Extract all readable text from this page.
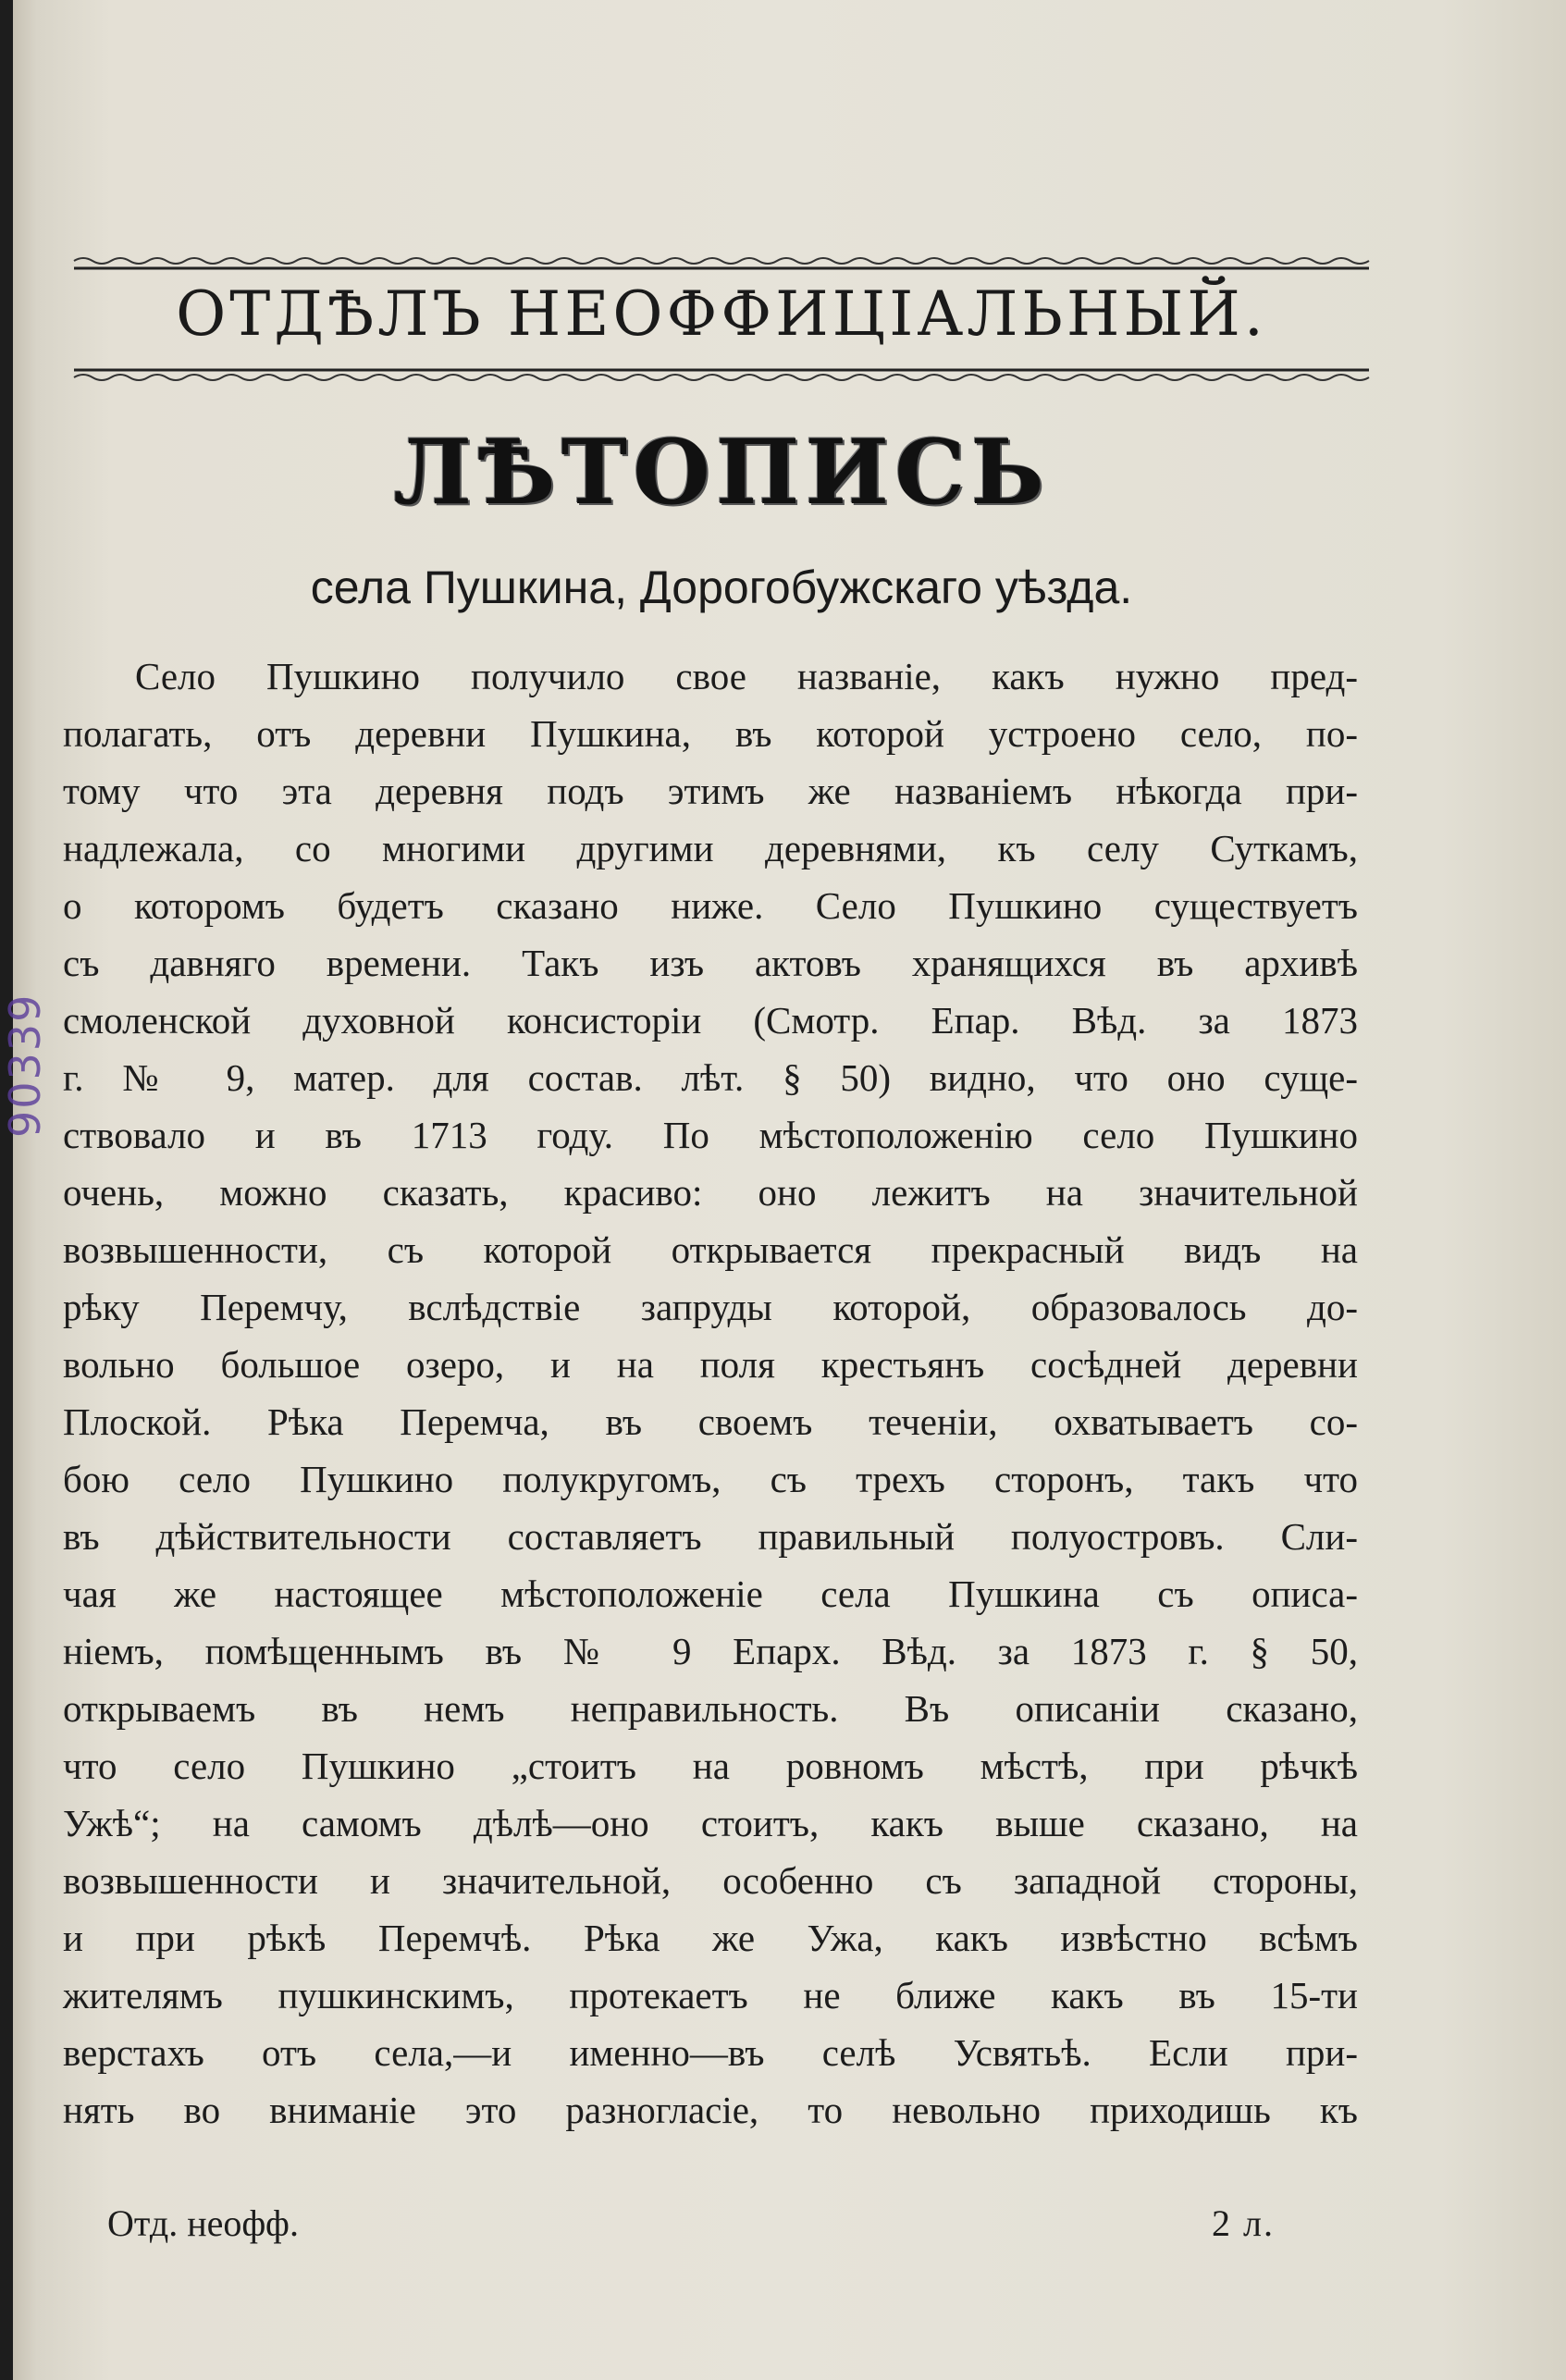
90339
ОТДѢЛЪ НЕОФФИЦІАЛЬНЫЙ.
ЛѢТОПИСЬ
села Пушкина, Дорогобужскаго уѣзда.
Село Пушкино получило свое названіе, какъ нужно пред-
полагать, отъ деревни Пушкина, въ которой устроено село, по-
тому что эта деревня подъ этимъ же названіемъ нѣкогда при-
надлежала, со многими другими деревнями, къ селу Суткамъ,
о которомъ будетъ сказано ниже. Село Пушкино существуетъ
съ давняго времени. Такъ изъ актовъ хранящихся въ архивѣ
смоленской духовной консисторіи (Смотр. Епар. Вѣд. за 1873
г. № 9, матер. для состав. лѣт. § 50) видно, что оно суще-
ствовало и въ 1713 году. По мѣстоположенію село Пушкино
очень, можно сказать, красиво: оно лежитъ на значительной
возвышенности, съ которой открывается прекрасный видъ на
рѣку Перемчу, вслѣдствіе запруды которой, образовалось до-
вольно большое озеро, и на поля крестьянъ сосѣдней деревни
Плоской. Рѣка Перемча, въ своемъ теченіи, охватываетъ со-
бою село Пушкино полукругомъ, съ трехъ сторонъ, такъ что
въ дѣйствительности составляетъ правильный полуостровъ. Сли-
чая же настоящее мѣстоположеніе села Пушкина съ описа-
ніемъ, помѣщеннымъ въ № 9 Епарх. Вѣд. за 1873 г. § 50,
открываемъ въ немъ неправильность. Въ описаніи сказано,
что село Пушкино „стоитъ на ровномъ мѣстѣ, при рѣчкѣ
Ужѣ“; на самомъ дѣлѣ—оно стоитъ, какъ выше сказано, на
возвышенности и значительной, особенно съ западной стороны,
и при рѣкѣ Перемчѣ. Рѣка же Ужа, какъ извѣстно всѣмъ
жителямъ пушкинскимъ, протекаетъ не ближе какъ въ 15-ти
верстахъ отъ села,—и именно—въ селѣ Усвятьѣ. Если при-
нять во вниманіе это разногласіе, то невольно приходишь къ
Отд. неофф.	2 л.
